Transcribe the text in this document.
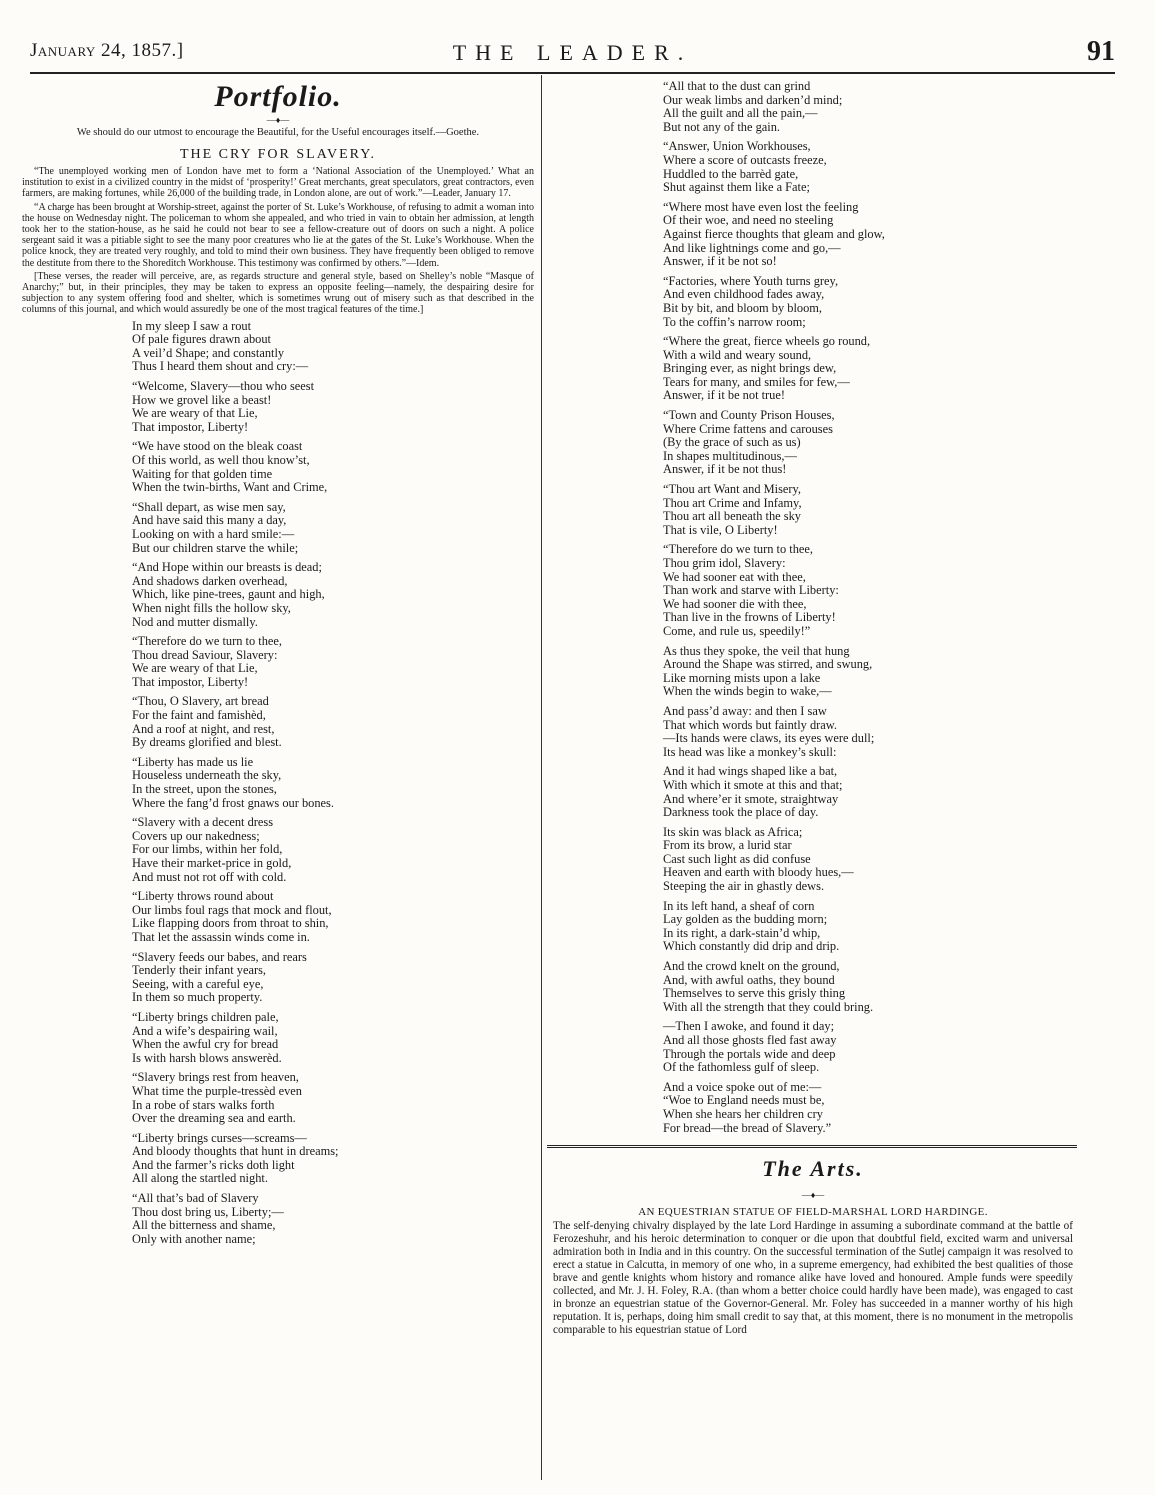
January 24, 1857.]	THE LEADER.	91
Portfolio.
—♦—
We should do our utmost to encourage the Beautiful, for the Useful encourages itself.—Goethe.
THE CRY FOR SLAVERY.

“The unemployed working men of London have met to form a ‘National Association of the Unemployed.’ What an institution to exist in a civilized country in the midst of ‘prosperity!’ Great merchants, great speculators, great contractors, even farmers, are making fortunes, while 26,000 of the building trade, in London alone, are out of work.”—Leader, January 17.

“A charge has been brought at Worship-street, against the porter of St. Luke’s Workhouse, of refusing to admit a woman into the house on Wednesday night. The policeman to whom she appealed, and who tried in vain to obtain her admission, at length took her to the station-house, as he said he could not bear to see a fellow-creature out of doors on such a night. A police sergeant said it was a pitiable sight to see the many poor creatures who lie at the gates of the St. Luke’s Workhouse. When the police knock, they are treated very roughly, and told to mind their own business. They have frequently been obliged to remove the destitute from there to the Shoreditch Workhouse. This testimony was confirmed by others.”—Idem.

[These verses, the reader will perceive, are, as regards structure and general style, based on Shelley’s noble “Masque of Anarchy;” but, in their principles, they may be taken to express an opposite feeling—namely, the despairing desire for subjection to any system offering food and shelter, which is sometimes wrung out of misery such as that described in the columns of this journal, and which would assuredly be one of the most tragical features of the time.]

In my sleep I saw a rout
Of pale figures drawn about
A veil’d Shape; and constantly
Thus I heard them shout and cry:—
“Welcome, Slavery—thou who seest
How we grovel like a beast!
We are weary of that Lie,
That impostor, Liberty!
“We have stood on the bleak coast
Of this world, as well thou know’st,
Waiting for that golden time
When the twin-births, Want and Crime,
“Shall depart, as wise men say,
And have said this many a day,
Looking on with a hard smile:—
But our children starve the while;
“And Hope within our breasts is dead;
And shadows darken overhead,
Which, like pine-trees, gaunt and high,
When night fills the hollow sky,
Nod and mutter dismally.
“Therefore do we turn to thee,
Thou dread Saviour, Slavery:
We are weary of that Lie,
That impostor, Liberty!
“Thou, O Slavery, art bread
For the faint and famishèd,
And a roof at night, and rest,
By dreams glorified and blest.
“Liberty has made us lie
Houseless underneath the sky,
In the street, upon the stones,
Where the fang’d frost gnaws our bones.
“Slavery with a decent dress
Covers up our nakedness;
For our limbs, within her fold,
Have their market-price in gold,
And must not rot off with cold.
“Liberty throws round about
Our limbs foul rags that mock and flout,
Like flapping doors from throat to shin,
That let the assassin winds come in.
“Slavery feeds our babes, and rears
Tenderly their infant years,
Seeing, with a careful eye,
In them so much property.
“Liberty brings children pale,
And a wife’s despairing wail,
When the awful cry for bread
Is with harsh blows answerèd.
“Slavery brings rest from heaven,
What time the purple-tressèd even
In a robe of stars walks forth
Over the dreaming sea and earth.
“Liberty brings curses—screams—
And bloody thoughts that hunt in dreams;
And the farmer’s ricks doth light
All along the startled night.
“All that’s bad of Slavery
Thou dost bring us, Liberty;—
All the bitterness and shame,
Only with another name;
“All that to the dust can grind
Our weak limbs and darken’d mind;
All the guilt and all the pain,—
But not any of the gain.
“Answer, Union Workhouses,
Where a score of outcasts freeze,
Huddled to the barrèd gate,
Shut against them like a Fate;
“Where most have even lost the feeling
Of their woe, and need no steeling
Against fierce thoughts that gleam and glow,
And like lightnings come and go,—
Answer, if it be not so!
“Factories, where Youth turns grey,
And even childhood fades away,
Bit by bit, and bloom by bloom,
To the coffin’s narrow room;
“Where the great, fierce wheels go round,
With a wild and weary sound,
Bringing ever, as night brings dew,
Tears for many, and smiles for few,—
Answer, if it be not true!
“Town and County Prison Houses,
Where Crime fattens and carouses
(By the grace of such as us)
In shapes multitudinous,—
Answer, if it be not thus!
“Thou art Want and Misery,
Thou art Crime and Infamy,
Thou art all beneath the sky
That is vile, O Liberty!
“Therefore do we turn to thee,
Thou grim idol, Slavery:
We had sooner eat with thee,
Than work and starve with Liberty:
We had sooner die with thee,
Than live in the frowns of Liberty!
Come, and rule us, speedily!”
As thus they spoke, the veil that hung
Around the Shape was stirred, and swung,
Like morning mists upon a lake
When the winds begin to wake,—
And pass’d away: and then I saw
That which words but faintly draw.
—Its hands were claws, its eyes were dull;
Its head was like a monkey’s skull:
And it had wings shaped like a bat,
With which it smote at this and that;
And where’er it smote, straightway
Darkness took the place of day.
Its skin was black as Africa;
From its brow, a lurid star
Cast such light as did confuse
Heaven and earth with bloody hues,—
Steeping the air in ghastly dews.
In its left hand, a sheaf of corn
Lay golden as the budding morn;
In its right, a dark-stain’d whip,
Which constantly did drip and drip.
And the crowd knelt on the ground,
And, with awful oaths, they bound
Themselves to serve this grisly thing
With all the strength that they could bring.
—Then I awoke, and found it day;
And all those ghosts fled fast away
Through the portals wide and deep
Of the fathomless gulf of sleep.
And a voice spoke out of me:—
“Woe to England needs must be,
When she hears her children cry
For bread—the bread of Slavery.”
The Arts.
—♦—
AN EQUESTRIAN STATUE OF FIELD-MARSHAL LORD HARDINGE.

The self-denying chivalry displayed by the late Lord Hardinge in assuming a subordinate command at the battle of Ferozeshuhr, and his heroic determination to conquer or die upon that doubtful field, excited warm and universal admiration both in India and in this country. On the successful termination of the Sutlej campaign it was resolved to erect a statue in Calcutta, in memory of one who, in a supreme emergency, had exhibited the best qualities of those brave and gentle knights whom history and romance alike have loved and honoured. Ample funds were speedily collected, and Mr. J. H. Foley, R.A. (than whom a better choice could hardly have been made), was engaged to cast in bronze an equestrian statue of the Governor-General. Mr. Foley has succeeded in a manner worthy of his high reputation. It is, perhaps, doing him small credit to say that, at this moment, there is no monument in the metropolis comparable to his equestrian statue of Lord
